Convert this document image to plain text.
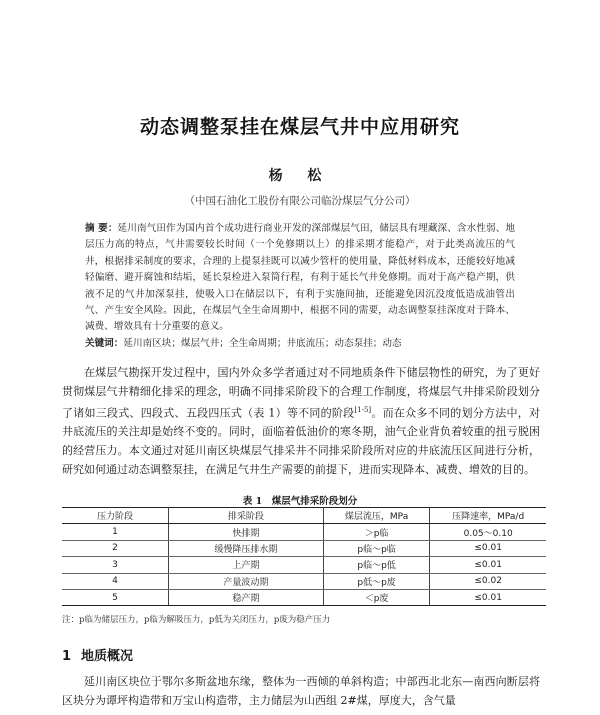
动态调整泵挂在煤层气井中应用研究
杨 松
（中国石油化工股份有限公司临汾煤层气分公司）
摘 要：延川南气田作为国内首个成功进行商业开发的深部煤层气田，储层具有埋藏深、含水性弱、地层压力高的特点，气井需要较长时间（一个免修期以上）的排采期才能稳产，对于此类高流压的气井，根据排采制度的要求，合理的上提泵挂既可以减少管杆的使用量，降低材料成本，还能较好地减轻偏磨、避开腐蚀和结垢，延长泵检进入泵筒行程，有利于延长气井免修期。而对于高产稳产期，供液不足的气井加深泵挂，使吸入口在储层以下，有利于实施间抽，还能避免因沉没度低造成油管出气、产生安全风险。因此，在煤层气全生命周期中，根据不同的需要，动态调整泵挂深度对于降本、减费、增效具有十分重要的意义。
关键词：延川南区块；煤层气井；全生命周期；井底流压；动态泵挂；动态
在煤层气勘探开发过程中，国内外众多学者通过对不同地质条件下储层物性的研究，为了更好贯彻煤层气井精细化排采的理念，明确不同排采阶段下的合理工作制度，将煤层气井排采阶段划分了诸如三段式、四段式、五段四压式（表 1）等不同的阶段[1-5]。而在众多不同的划分方法中，对井底流压的关注却是始终不变的。同时，面临着低油价的寒冬期，油气企业背负着较重的扭亏脱困的经营压力。本文通过对延川南区块煤层气排采井不同排采阶段所对应的井底流压区间进行分析，研究如何通过动态调整泵挂，在满足气井生产需要的前提下，进而实现降本、减费、增效的目的。
表 1　煤层气排采阶段划分
压力阶段	排采阶段	煤层流压，MPa	压降速率，MPa/d
1	快排期	＞p临	0.05～0.10
2	缓慢降压排水期	p临～p临	≤0.01
3	上产期	p临～p低	≤0.01
4	产量波动期	p低～p废	≤0.02
5	稳产期	＜p废	≤0.01
注：p临为储层压力，p临为解吸压力，p低为关闭压力，p废为稳产压力
1 地质概况
延川南区块位于鄂尔多斯盆地东缘，整体为一西倾的单斜构造；中部西北北东—南西向断层将区块分为谭坪构造带和万宝山构造带，主力储层为山西组 2#煤，厚度大，含气量
